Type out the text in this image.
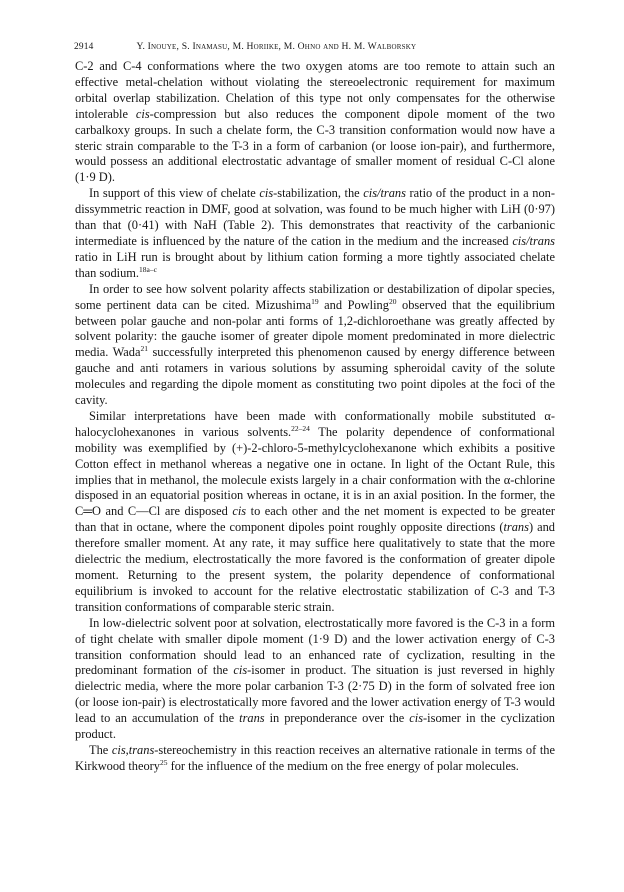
2914	Y. Inouye, S. Inamasu, M. Horiike, M. Ohno and H. M. Walborsky

C-2 and C-4 conformations where the two oxygen atoms are too remote to attain such an effective metal-chelation without violating the stereoelectronic requirement for maximum orbital overlap stabilization. Chelation of this type not only compensates for the otherwise intolerable cis-compression but also reduces the component dipole moment of the two carbalkoxy groups. In such a chelate form, the C-3 transition conformation would now have a steric strain comparable to the T-3 in a form of carbanion (or loose ion-pair), and furthermore, would possess an additional electrostatic advantage of smaller moment of residual C-Cl alone (1·9 D).

In support of this view of chelate cis-stabilization, the cis/trans ratio of the product in a non-dissymmetric reaction in DMF, good at solvation, was found to be much higher with LiH (0·97) than that (0·41) with NaH (Table 2). This demonstrates that reactivity of the carbanionic intermediate is influenced by the nature of the cation in the medium and the increased cis/trans ratio in LiH run is brought about by lithium cation forming a more tightly associated chelate than sodium.$^{18a-c}$

In order to see how solvent polarity affects stabilization or destabilization of dipolar species, some pertinent data can be cited. Mizushima$^{19}$ and Powling$^{20}$ observed that the equilibrium between polar gauche and non-polar anti forms of 1,2-dichloroethane was greatly affected by solvent polarity: the gauche isomer of greater dipole moment predominated in more dielectric media. Wada$^{21}$ successfully interpreted this phenomenon caused by energy difference between gauche and anti rotamers in various solutions by assuming spheroidal cavity of the solute molecules and regarding the dipole moment as constituting two point dipoles at the foci of the cavity.

Similar interpretations have been made with conformationally mobile substituted α-halocyclohexanones in various solvents.$^{22-24}$ The polarity dependence of conformational mobility was exemplified by (+)-2-chloro-5-methylcyclohexanone which exhibits a positive Cotton effect in methanol whereas a negative one in octane. In light of the Octant Rule, this implies that in methanol, the molecule exists largely in a chair conformation with the α-chlorine disposed in an equatorial position whereas in octane, it is in an axial position. In the former, the C═O and C—Cl are disposed cis to each other and the net moment is expected to be greater than that in octane, where the component dipoles point roughly opposite directions (trans) and therefore smaller moment. At any rate, it may suffice here qualitatively to state that the more dielectric the medium, electrostatically the more favored is the conformation of greater dipole moment. Returning to the present system, the polarity dependence of conformational equilibrium is invoked to account for the relative electrostatic stabilization of C-3 and T-3 transition conformations of comparable steric strain.

In low-dielectric solvent poor at solvation, electrostatically more favored is the C-3 in a form of tight chelate with smaller dipole moment (1·9 D) and the lower activation energy of C-3 transition conformation should lead to an enhanced rate of cyclization, resulting in the predominant formation of the cis-isomer in product. The situation is just reversed in highly dielectric media, where the more polar carbanion T-3 (2·75 D) in the form of solvated free ion (or loose ion-pair) is electrostatically more favored and the lower activation energy of T-3 would lead to an accumulation of the trans in preponderance over the cis-isomer in the cyclization product.

The cis,trans-stereochemistry in this reaction receives an alternative rationale in terms of the Kirkwood theory$^{25}$ for the influence of the medium on the free energy of polar molecules.
